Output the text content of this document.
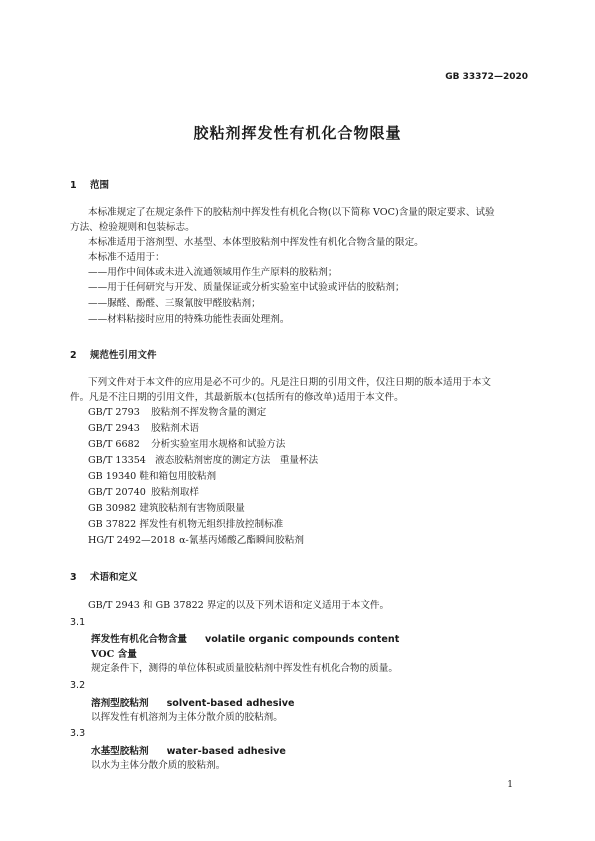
GB 33372—2020
胶粘剂挥发性有机化合物限量
1 范围
本标准规定了在规定条件下的胶粘剂中挥发性有机化合物(以下简称 VOC)含量的限定要求、试验
方法、检验规则和包装标志。
本标准适用于溶剂型、水基型、本体型胶粘剂中挥发性有机化合物含量的限定。
本标准不适用于：
——用作中间体或未进入流通领域用作生产原料的胶粘剂；
——用于任何研究与开发、质量保证或分析实验室中试验或评估的胶粘剂；
——脲醛、酚醛、三聚氰胺甲醛胶粘剂；
——材料粘接时应用的特殊功能性表面处理剂。
2 规范性引用文件
下列文件对于本文件的应用是必不可少的。凡是注日期的引用文件，仅注日期的版本适用于本文
件。凡是不注日期的引用文件，其最新版本(包括所有的修改单)适用于本文件。
GB/T 2793 胶粘剂不挥发物含量的测定
GB/T 2943 胶粘剂术语
GB/T 6682 分析实验室用水规格和试验方法
GB/T 13354 液态胶粘剂密度的测定方法　重量杯法
GB 19340 鞋和箱包用胶粘剂
GB/T 20740 胶粘剂取样
GB 30982 建筑胶粘剂有害物质限量
GB 37822 挥发性有机物无组织排放控制标准
HG/T 2492—2018 α-氰基丙烯酸乙酯瞬间胶粘剂
3 术语和定义
GB/T 2943 和 GB 37822 界定的以及下列术语和定义适用于本文件。
3.1
挥发性有机化合物含量 volatile organic compounds content
VOC 含量
规定条件下，测得的单位体积或质量胶粘剂中挥发性有机化合物的质量。
3.2
溶剂型胶粘剂 solvent-based adhesive
以挥发性有机溶剂为主体分散介质的胶粘剂。
3.3
水基型胶粘剂 water-based adhesive
以水为主体分散介质的胶粘剂。
1
